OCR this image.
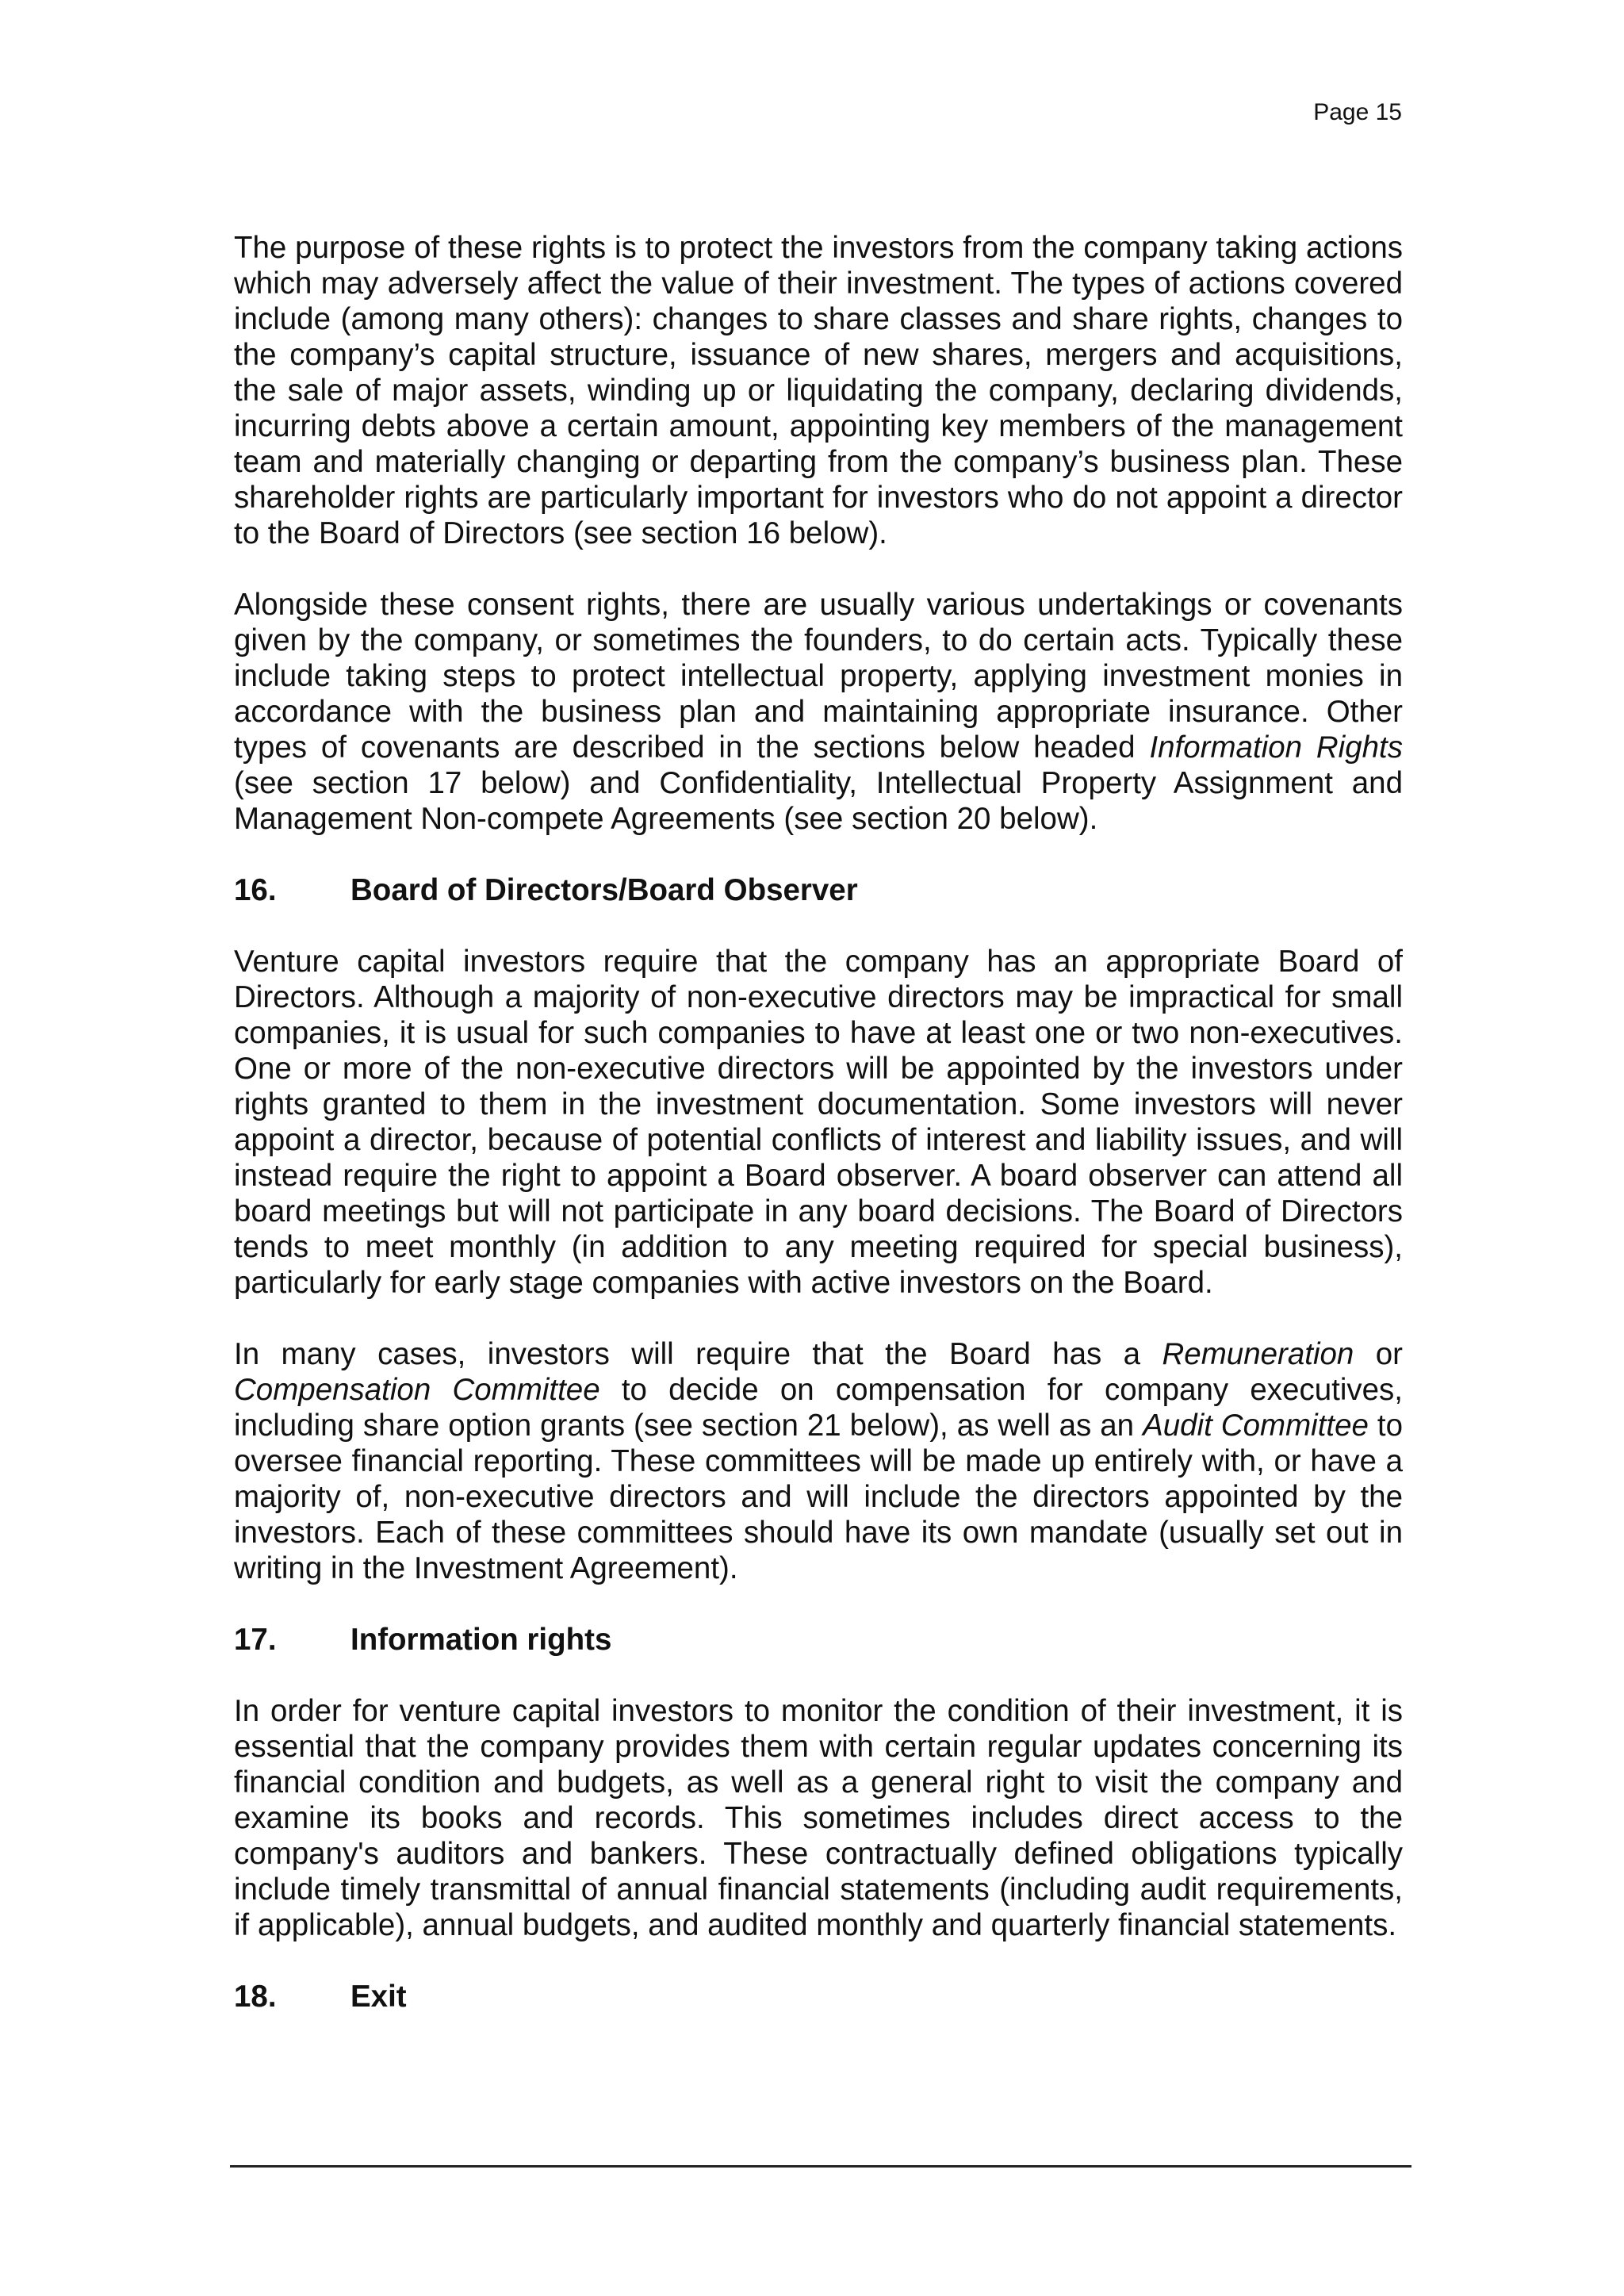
Page 15

The purpose of these rights is to protect the investors from the company taking actions which may adversely affect the value of their investment. The types of actions covered include (among many others): changes to share classes and share rights, changes to the company’s capital structure, issuance of new shares, mergers and acquisitions, the sale of major assets, winding up or liquidating the company, declaring dividends, incurring debts above a certain amount, appointing key members of the management team and materially changing or departing from the company’s business plan. These shareholder rights are particularly important for investors who do not appoint a director to the Board of Directors (see section 16 below).

Alongside these consent rights, there are usually various undertakings or covenants given by the company, or sometimes the founders, to do certain acts. Typically these include taking steps to protect intellectual property, applying investment monies in accordance with the business plan and maintaining appropriate insurance. Other types of covenants are described in the sections below headed Information Rights (see section 17 below) and Confidentiality, Intellectual Property Assignment and Management Non-compete Agreements (see section 20 below).

16.	Board of Directors/Board Observer

Venture capital investors require that the company has an appropriate Board of Directors. Although a majority of non-executive directors may be impractical for small companies, it is usual for such companies to have at least one or two non-executives. One or more of the non-executive directors will be appointed by the investors under rights granted to them in the investment documentation. Some investors will never appoint a director, because of potential conflicts of interest and liability issues, and will instead require the right to appoint a Board observer. A board observer can attend all board meetings but will not participate in any board decisions. The Board of Directors tends to meet monthly (in addition to any meeting required for special business), particularly for early stage companies with active investors on the Board.

In many cases, investors will require that the Board has a Remuneration or Compensation Committee to decide on compensation for company executives, including share option grants (see section 21 below), as well as an Audit Committee to oversee financial reporting. These committees will be made up entirely with, or have a majority of, non-executive directors and will include the directors appointed by the investors. Each of these committees should have its own mandate (usually set out in writing in the Investment Agreement).

17.	Information rights

In order for venture capital investors to monitor the condition of their investment, it is essential that the company provides them with certain regular updates concerning its financial condition and budgets, as well as a general right to visit the company and examine its books and records. This sometimes includes direct access to the company's auditors and bankers. These contractually defined obligations typically include timely transmittal of annual financial statements (including audit requirements, if applicable), annual budgets, and audited monthly and quarterly financial statements.

18.	Exit
